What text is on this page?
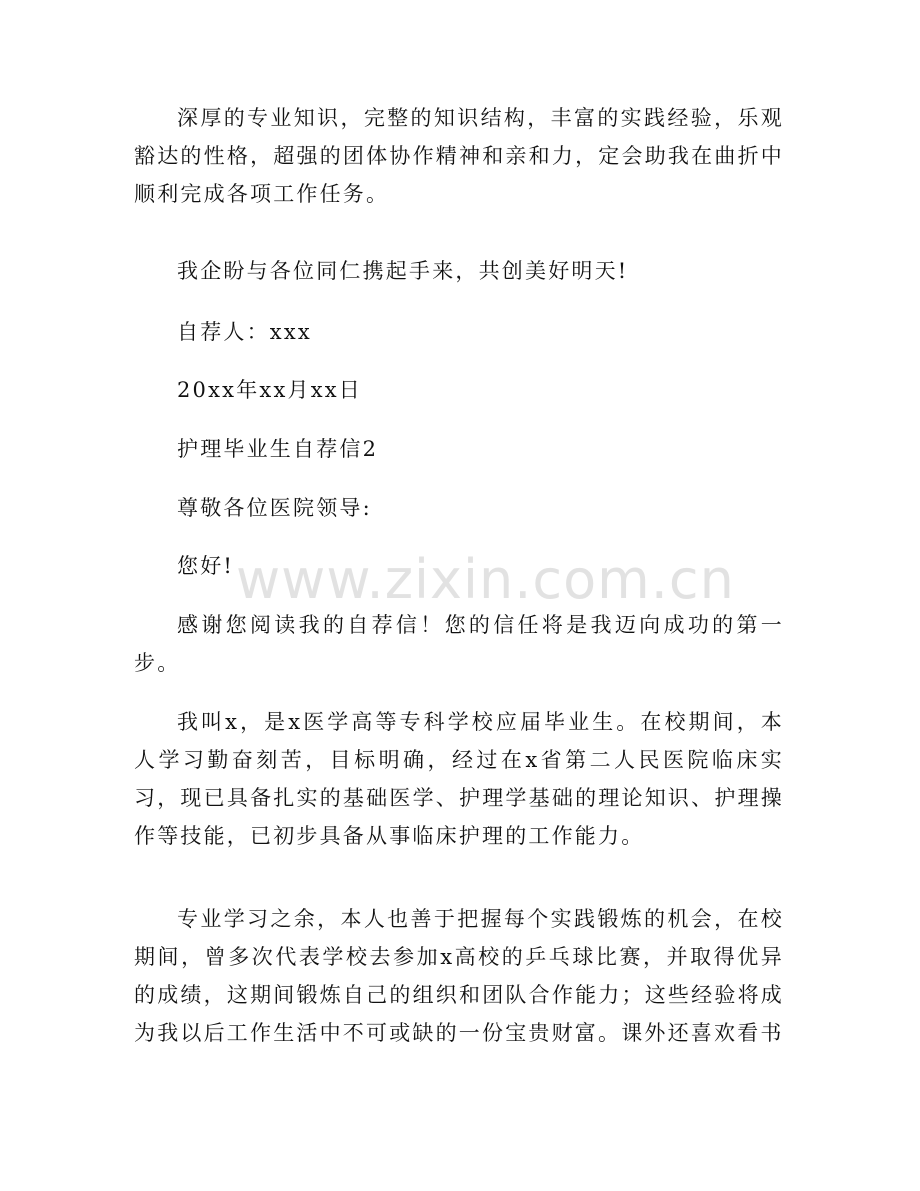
www.zixin.com.cn

深厚的专业知识，完整的知识结构，丰富的实践经验，乐观豁达的性格，超强的团体协作精神和亲和力，定会助我在曲折中顺利完成各项工作任务。

我企盼与各位同仁携起手来，共创美好明天!

自荐人：xxx

20xx年xx月xx日

护理毕业生自荐信2

尊敬各位医院领导:

您好!

感谢您阅读我的自荐信！您的信任将是我迈向成功的第一步。

我叫x，是x医学高等专科学校应届毕业生。在校期间，本人学习勤奋刻苦，目标明确，经过在x省第二人民医院临床实习，现已具备扎实的基础医学、护理学基础的理论知识、护理操作等技能，已初步具备从事临床护理的工作能力。

专业学习之余，本人也善于把握每个实践锻炼的机会，在校期间，曾多次代表学校去参加x高校的乒乓球比赛，并取得优异的成绩，这期间锻炼自己的组织和团队合作能力；这些经验将成为我以后工作生活中不可或缺的一份宝贵财富。课外还喜欢看书
